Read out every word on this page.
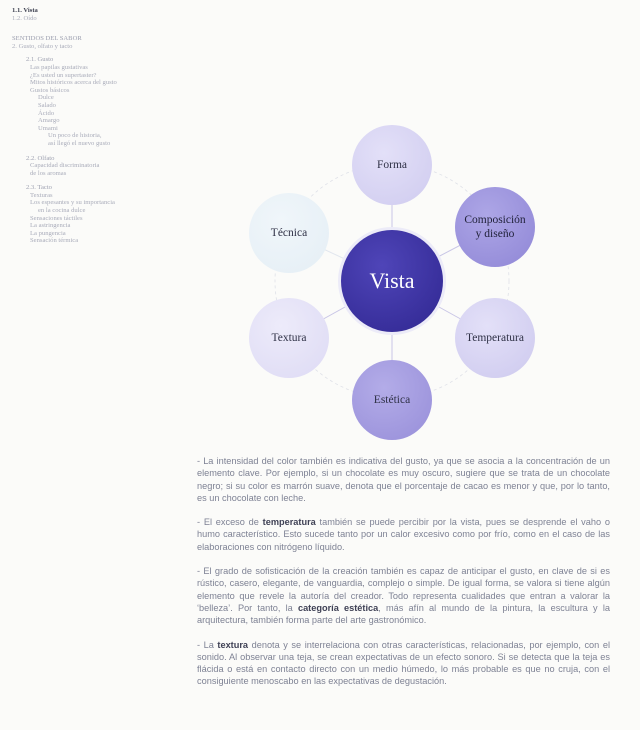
1.1. Vista
1.2. Oído
SENTIDOS DEL SABOR
2. Gusto, olfato y tacto
2.1. Gusto
Las papilas gustativas
¿Es usted un supertaster?
Mitos históricos acerca del gusto
Gustos básicos
Dulce
Salado
Ácido
Amargo
Umami
Un poco de historia,
así llegó el nuevo gusto
2.2. Olfato
Capacidad discriminatoria
de los aromas
2.3. Tacto
Texturas
Los espesantes y su importancia
en la cocina dulce
Sensaciones táctiles
La astringencia
La pungencia
Sensación térmica
Forma
Composición
y diseño
Temperatura
Estética
Textura
Técnica
Vista

- La intensidad del color también es indicativa del gusto, ya que se asocia a la concentración de un elemento clave. Por ejemplo, si un chocolate es muy oscuro, sugiere que se trata de un chocolate negro; si su color es marrón suave, denota que el porcentaje de cacao es menor y que, por lo tanto, es un chocolate con leche.

- El exceso de temperatura también se puede percibir por la vista, pues se desprende el vaho o humo característico. Esto sucede tanto por un calor excesivo como por frío, como en el caso de las elaboraciones con nitrógeno líquido.

- El grado de sofisticación de la creación también es capaz de anticipar el gusto, en clave de si es rústico, casero, elegante, de vanguardia, complejo o simple. De igual forma, se valora si tiene algún elemento que revele la autoría del creador. Todo representa cualidades que entran a valorar la ‘belleza’. Por tanto, la categoría estética, más afín al mundo de la pintura, la escultura y la arquitectura, también forma parte del arte gastronómico.

- La textura denota y se interrelaciona con otras características, relacionadas, por ejemplo, con el sonido. Al observar una teja, se crean expectativas de un efecto sonoro. Si se detecta que la teja es flácida o está en contacto directo con un medio húmedo, lo más probable es que no cruja, con el consiguiente menoscabo en las expectativas de degustación.
